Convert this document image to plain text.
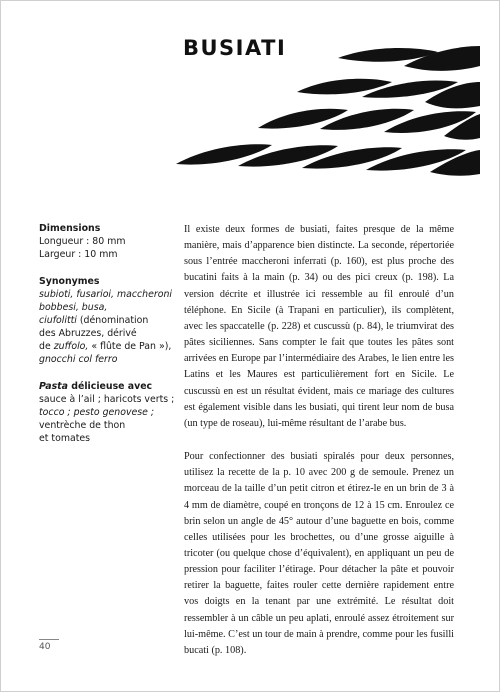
BUSIATI
Dimensions
Longueur : 80 mm
Largeur : 10 mm
Synonymes
subioti, fusarioi, maccheroni
bobbesi, busa,
ciufolitti (dénomination
des Abruzzes, dérivé
de zuffolo, « flûte de Pan »),
gnocchi col ferro
Pasta délicieuse avec
sauce à l’ail ; haricots verts ;
tocco ; pesto genovese ;
ventrèche de thon
et tomates

Il existe deux formes de busiati, faites presque de la même manière, mais d’apparence bien distincte. La seconde, répertoriée sous l’entrée maccheroni inferrati (p. 160), est plus proche des bucatini faits à la main (p. 34) ou des pici creux (p. 198). La version décrite et illustrée ici ressemble au fil enroulé d’un téléphone. En Sicile (à Trapani en particulier), ils complètent, avec les spaccatelle (p. 228) et cuscussù (p. 84), le triumvirat des pâtes siciliennes. Sans compter le fait que toutes les pâtes sont arrivées en Europe par l’intermédiaire des Arabes, le lien entre les Latins et les Maures est particulièrement fort en Sicile. Le cuscussù en est un résultat évident, mais ce mariage des cultures est également visible dans les busiati, qui tirent leur nom de busa (un type de roseau), lui-même résultant de l’arabe bus.

Pour confectionner des busiati spiralés pour deux personnes, utilisez la recette de la p. 10 avec 200 g de semoule. Prenez un morceau de la taille d’un petit citron et étirez-le en un brin de 3 à 4 mm de diamètre, coupé en tronçons de 12 à 15 cm. Enroulez ce brin selon un angle de 45° autour d’une baguette en bois, comme celles utilisées pour les brochettes, ou d’une grosse aiguille à tricoter (ou quelque chose d’équivalent), en appliquant un peu de pression pour faciliter l’étirage. Pour détacher la pâte et pouvoir retirer la baguette, faites rouler cette dernière rapidement entre vos doigts en la tenant par une extrémité. Le résultat doit ressembler à un câble un peu aplati, enroulé assez étroitement sur lui-même. C’est un tour de main à prendre, comme pour les fusilli bucati (p. 108).

40
